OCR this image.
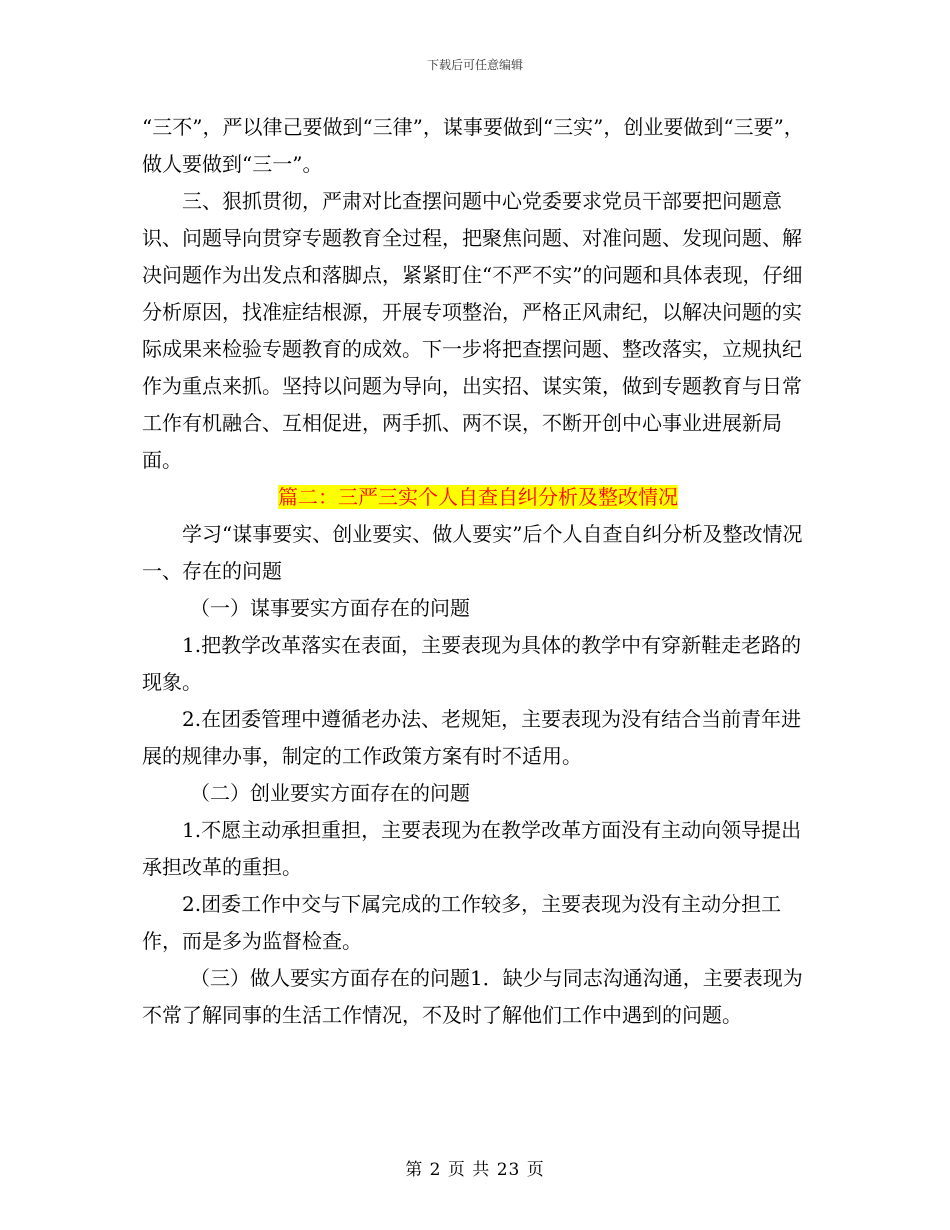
下载后可任意编辑

“三不”，严以律己要做到“三律”，谋事要做到“三实”，创业要做到“三要”，做人要做到“三一”。

三、狠抓贯彻，严肃对比查摆问题中心党委要求党员干部要把问题意识、问题导向贯穿专题教育全过程，把聚焦问题、对准问题、发现问题、解决问题作为出发点和落脚点，紧紧盯住“不严不实”的问题和具体表现，仔细分析原因，找准症结根源，开展专项整治，严格正风肃纪，以解决问题的实际成果来检验专题教育的成效。下一步将把查摆问题、整改落实，立规执纪作为重点来抓。坚持以问题为导向，出实招、谋实策，做到专题教育与日常工作有机融合、互相促进，两手抓、两不误，不断开创中心事业进展新局面。

篇二：三严三实个人自查自纠分析及整改情况

学习“谋事要实、创业要实、做人要实”后个人自查自纠分析及整改情况一、存在的问题

（一）谋事要实方面存在的问题

1.把教学改革落实在表面，主要表现为具体的教学中有穿新鞋走老路的现象。

2.在团委管理中遵循老办法、老规矩，主要表现为没有结合当前青年进展的规律办事，制定的工作政策方案有时不适用。

（二）创业要实方面存在的问题

1.不愿主动承担重担，主要表现为在教学改革方面没有主动向领导提出承担改革的重担。

2.团委工作中交与下属完成的工作较多，主要表现为没有主动分担工作，而是多为监督检查。

（三）做人要实方面存在的问题1．缺少与同志沟通沟通，主要表现为不常了解同事的生活工作情况，不及时了解他们工作中遇到的问题。

第 2 页 共 23 页
